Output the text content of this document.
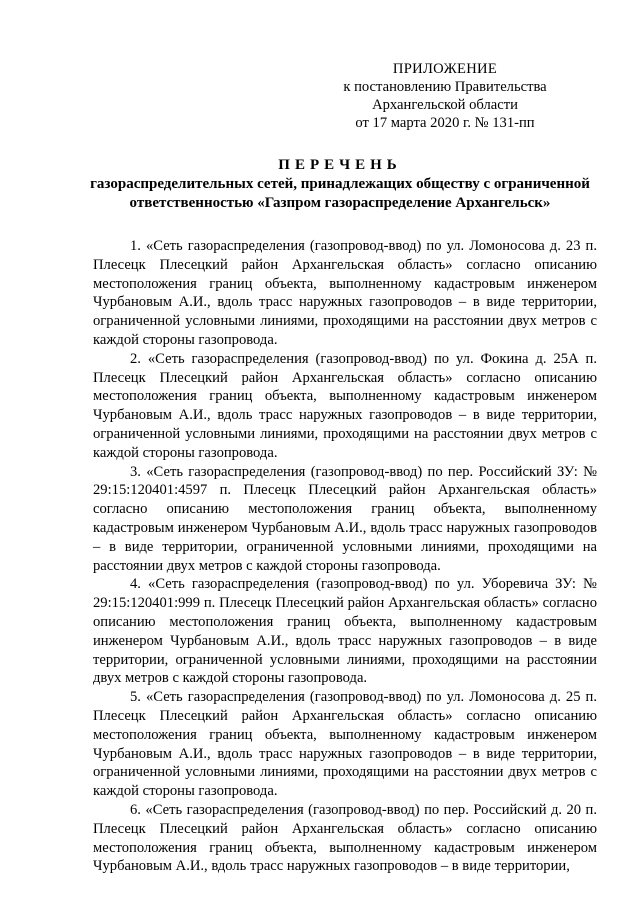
ПРИЛОЖЕНИЕ
к постановлению Правительства
Архангельской области
от 17 марта 2020 г. № 131-пп
ПЕРЕЧЕНЬ
газораспределительных сетей, принадлежащих обществу с ограниченной
ответственностью «Газпром газораспределение Архангельск»

1. «Сеть газораспределения (газопровод-ввод) по ул. Ломоносова д. 23 п. Плесецк Плесецкий район Архангельская область» согласно описанию местоположения границ объекта, выполненному кадастровым инженером Чурбановым А.И., вдоль трасс наружных газопроводов – в виде территории, ограниченной условными линиями, проходящими на расстоянии двух метров с каждой стороны газопровода.

2. «Сеть газораспределения (газопровод-ввод) по ул. Фокина д. 25А п. Плесецк Плесецкий район Архангельская область» согласно описанию местоположения границ объекта, выполненному кадастровым инженером Чурбановым А.И., вдоль трасс наружных газопроводов – в виде территории, ограниченной условными линиями, проходящими на расстоянии двух метров с каждой стороны газопровода.

3. «Сеть газораспределения (газопровод-ввод) по пер. Российский ЗУ: № 29:15:120401:4597 п. Плесецк Плесецкий район Архангельская область» согласно описанию местоположения границ объекта, выполненному кадастровым инженером Чурбановым А.И., вдоль трасс наружных газопроводов – в виде территории, ограниченной условными линиями, проходящими на расстоянии двух метров с каждой стороны газопровода.

4. «Сеть газораспределения (газопровод-ввод) по ул. Уборевича ЗУ: № 29:15:120401:999 п. Плесецк Плесецкий район Архангельская область» согласно описанию местоположения границ объекта, выполненному кадастровым инженером Чурбановым А.И., вдоль трасс наружных газопроводов – в виде территории, ограниченной условными линиями, проходящими на расстоянии двух метров с каждой стороны газопровода.

5. «Сеть газораспределения (газопровод-ввод) по ул. Ломоносова д. 25 п. Плесецк Плесецкий район Архангельская область» согласно описанию местоположения границ объекта, выполненному кадастровым инженером Чурбановым А.И., вдоль трасс наружных газопроводов – в виде территории, ограниченной условными линиями, проходящими на расстоянии двух метров с каждой стороны газопровода.

6. «Сеть газораспределения (газопровод-ввод) по пер. Российский д. 20 п. Плесецк Плесецкий район Архангельская область» согласно описанию местоположения границ объекта, выполненному кадастровым инженером Чурбановым А.И., вдоль трасс наружных газопроводов – в виде территории,
